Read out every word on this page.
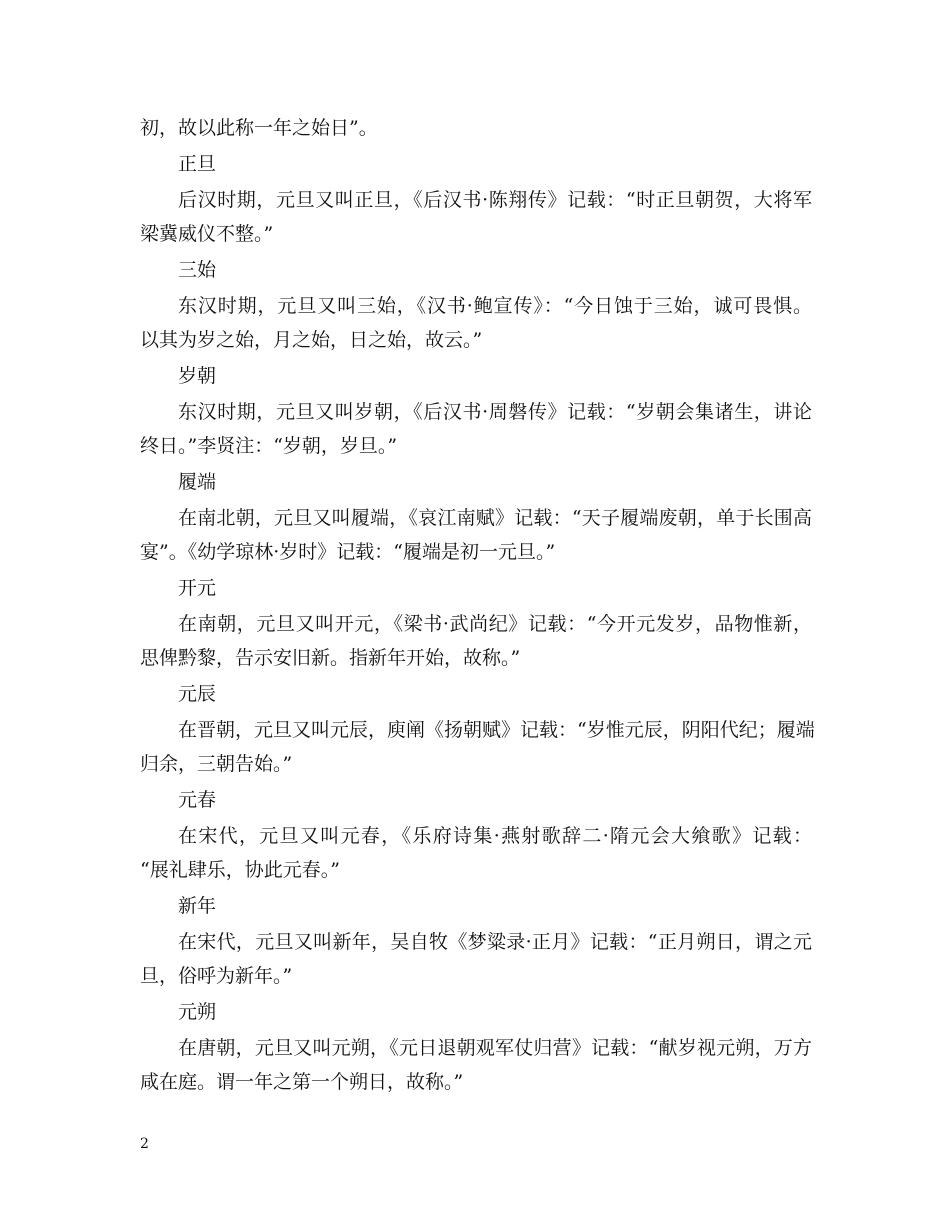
初，故以此称一年之始日”。
正旦
后汉时期，元旦又叫正旦，《后汉书·陈翔传》记载：“时正旦朝贺，大将军
梁冀威仪不整。”
三始
东汉时期，元旦又叫三始，《汉书·鲍宣传》：“今日蚀于三始，诚可畏惧。
以其为岁之始，月之始，日之始，故云。”
岁朝
东汉时期，元旦又叫岁朝，《后汉书·周磐传》记载：“岁朝会集诸生，讲论
终日。”李贤注：“岁朝，岁旦。”
履端
在南北朝，元旦又叫履端，《哀江南赋》记载：“天子履端废朝，单于长围高
宴”。《幼学琼林·岁时》记载：“履端是初一元旦。”
开元
在南朝，元旦又叫开元，《梁书·武尚纪》记载：“今开元发岁，品物惟新，
思俾黔黎，告示安旧新。指新年开始，故称。”
元辰
在晋朝，元旦又叫元辰，庾阐《扬朝赋》记载：“岁惟元辰，阴阳代纪；履端
归余，三朝告始。”
元春
在宋代，元旦又叫元春，《乐府诗集·燕射歌辞二·隋元会大飨歌》记载：
“展礼肆乐，协此元春。”
新年
在宋代，元旦又叫新年，吴自牧《梦粱录·正月》记载：“正月朔日，谓之元
旦，俗呼为新年。”
元朔
在唐朝，元旦又叫元朔，《元日退朝观军仗归营》记载：“献岁视元朔，万方
咸在庭。谓一年之第一个朔日，故称。”
2
